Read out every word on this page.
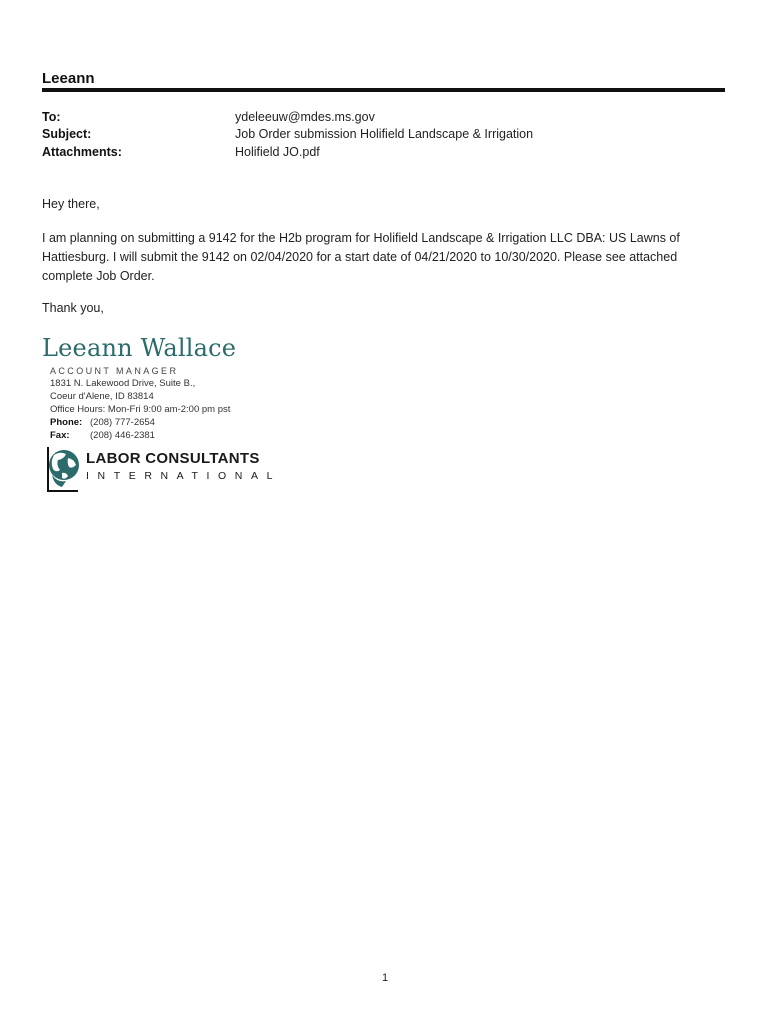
Leeann
To:	ydeleeuw@mdes.ms.gov
Subject:	Job Order submission Holifield Landscape & Irrigation
Attachments:	Holifield JO.pdf
Hey there,
I am planning on submitting a 9142 for the H2b program for Holifield Landscape & Irrigation LLC DBA: US Lawns of Hattiesburg. I will submit the 9142 on 02/04/2020 for a start date of 04/21/2020 to 10/30/2020. Please see attached complete Job Order.
Thank you,
Leeann Wallace
ACCOUNT MANAGER
1831 N. Lakewood Drive, Suite B.,
Coeur d'Alene, ID 83814
Office Hours: Mon-Fri 9:00 am-2:00 pm pst
Phone: (208) 777-2654
Fax: (208) 446-2381
LABOR CONSULTANTS
INTERNATIONAL
1
